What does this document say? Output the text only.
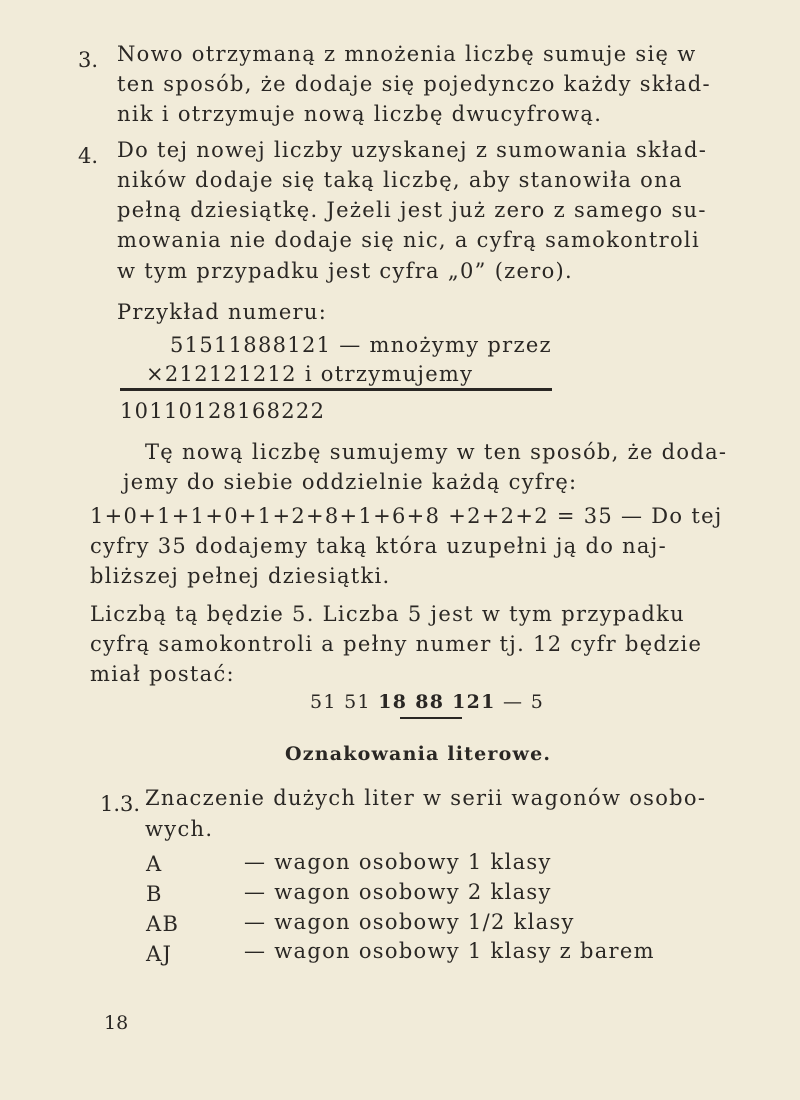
3. Nowo otrzymaną z mnożenia liczbę sumuje się w
ten sposób, że dodaje się pojedynczo każdy skład-
nik i otrzymuje nową liczbę dwucyfrową.
4. Do tej nowej liczby uzyskanej z sumowania skład-
ników dodaje się taką liczbę, aby stanowiła ona
pełną dziesiątkę. Jeżeli jest już zero z samego su-
mowania nie dodaje się nic, a cyfrą samokontroli
w tym przypadku jest cyfra „0” (zero).
Przykład numeru:
51511888121 — mnożymy przez
×212121212 i otrzymujemy
10110128168222
Tę nową liczbę sumujemy w ten sposób, że doda-
jemy do siebie oddzielnie każdą cyfrę:
1+0+1+1+0+1+2+8+1+6+8 +2+2+2 = 35 — Do tej
cyfry 35 dodajemy taką która uzupełni ją do naj-
bliższej pełnej dziesiątki.
Liczbą tą będzie 5. Liczba 5 jest w tym przypadku
cyfrą samokontroli a pełny numer tj. 12 cyfr będzie
miał postać:
51 51 18 88 121 — 5
Oznakowania literowe.
1.3. Znaczenie dużych liter w serii wagonów osobo-
wych.
A	— wagon osobowy 1 klasy
B	— wagon osobowy 2 klasy
AB	— wagon osobowy 1/2 klasy
AJ	— wagon osobowy 1 klasy z barem
18
